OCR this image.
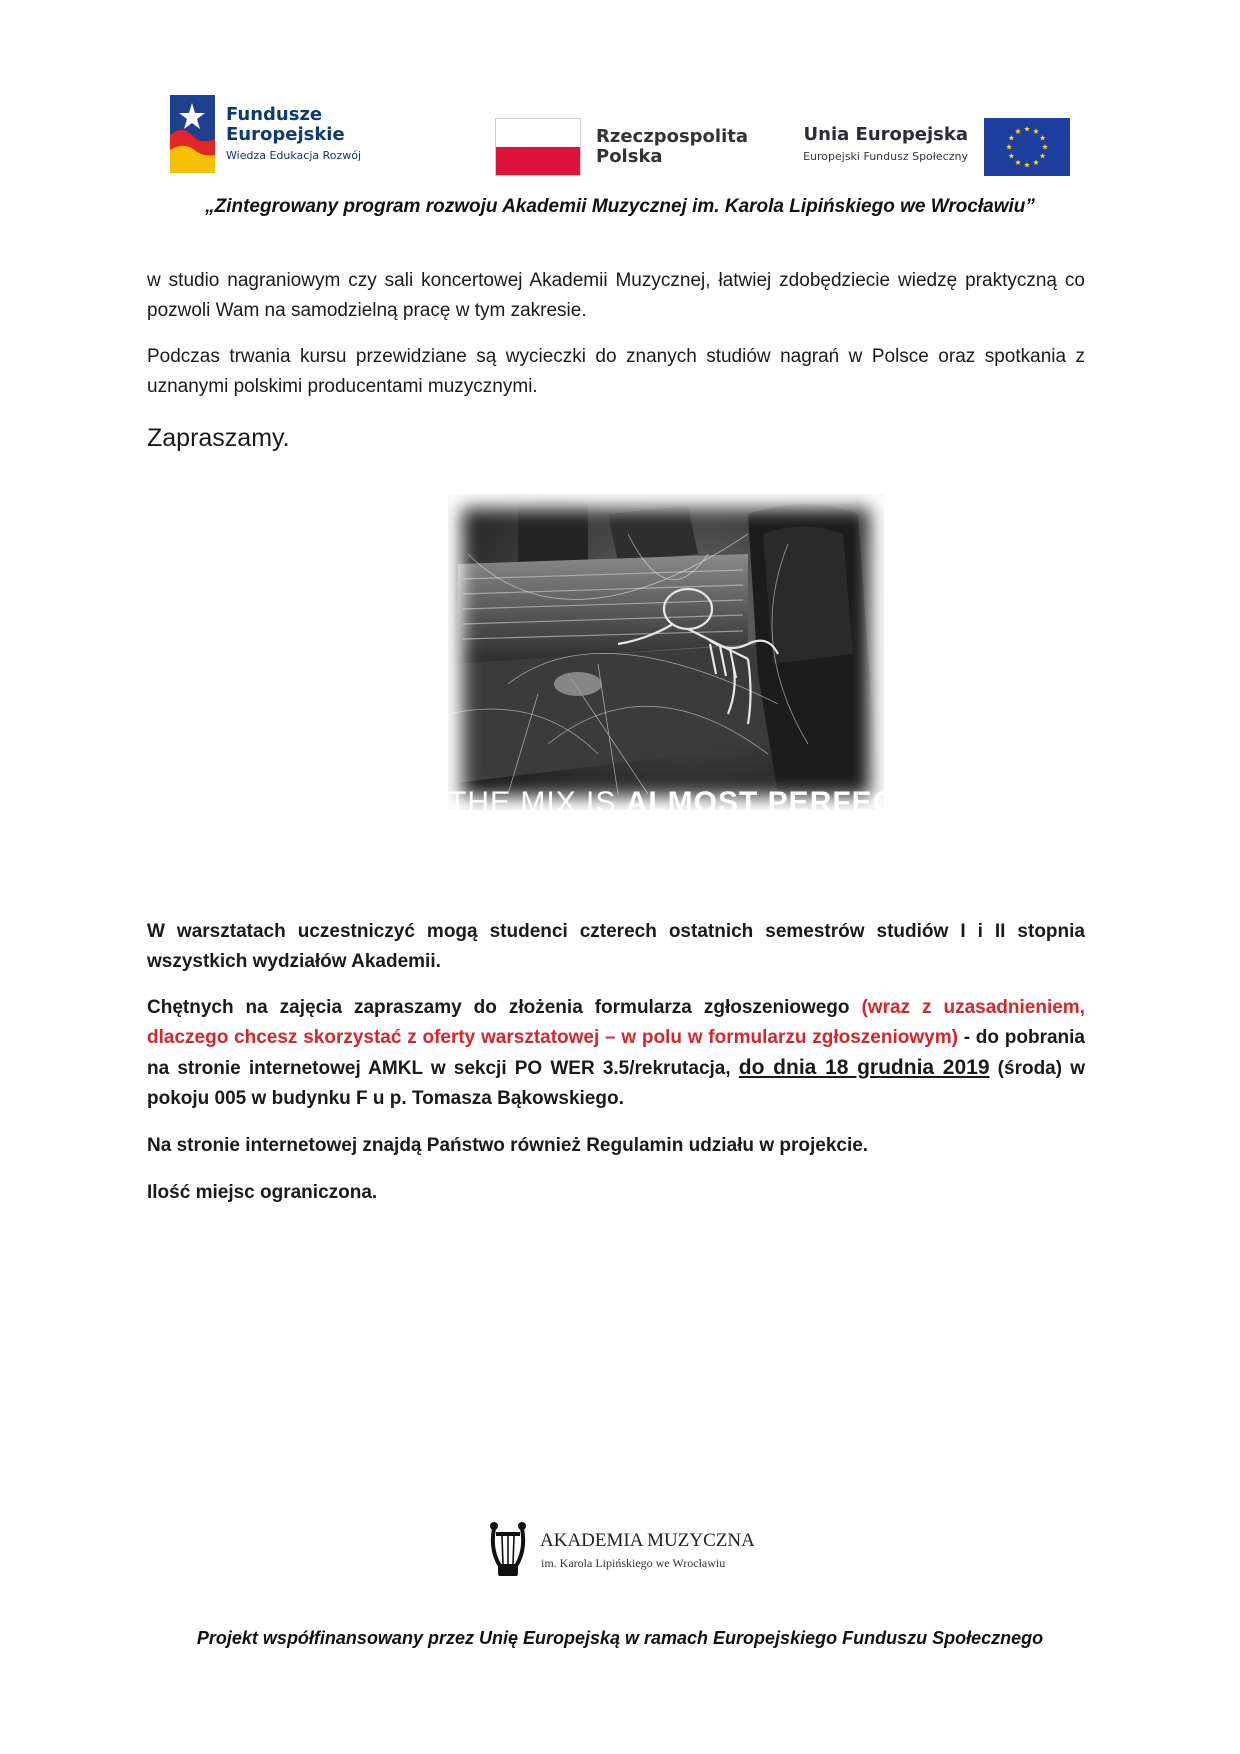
Fundusze
Europejskie
Wiedza Edukacja Rozwój
Rzeczpospolita
Polska
Unia Europejska
Europejski Fundusz Społeczny

„Zintegrowany program rozwoju Akademii Muzycznej im. Karola Lipińskiego we Wrocławiu”

w studio nagraniowym czy sali koncertowej Akademii Muzycznej, łatwiej zdobędziecie wiedzę praktyczną co pozwoli Wam na samodzielną pracę w tym zakresie.

Podczas trwania kursu przewidziane są wycieczki do znanych studiów nagrań w Polsce oraz spotkania z uznanymi polskimi producentami muzycznymi.

Zapraszamy.

THE MIX IS ALMOST PERFECT!

W warsztatach uczestniczyć mogą studenci czterech ostatnich semestrów studiów I i II stopnia wszystkich wydziałów Akademii.

Chętnych na zajęcia zapraszamy do złożenia formularza zgłoszeniowego (wraz z uzasadnieniem, dlaczego chcesz skorzystać z oferty warsztatowej – w polu w formularzu zgłoszeniowym) - do pobrania na stronie internetowej AMKL w sekcji PO WER 3.5/rekrutacja, do dnia 18 grudnia 2019 (środa) w pokoju 005 w budynku F u p. Tomasza Bąkowskiego.

Na stronie internetowej znajdą Państwo również Regulamin udziału w projekcie.

Ilość miejsc ograniczona.

AKADEMIA MUZYCZNA
im. Karola Lipińskiego we Wrocławiu

Projekt współfinansowany przez Unię Europejską w ramach Europejskiego Funduszu Społecznego
